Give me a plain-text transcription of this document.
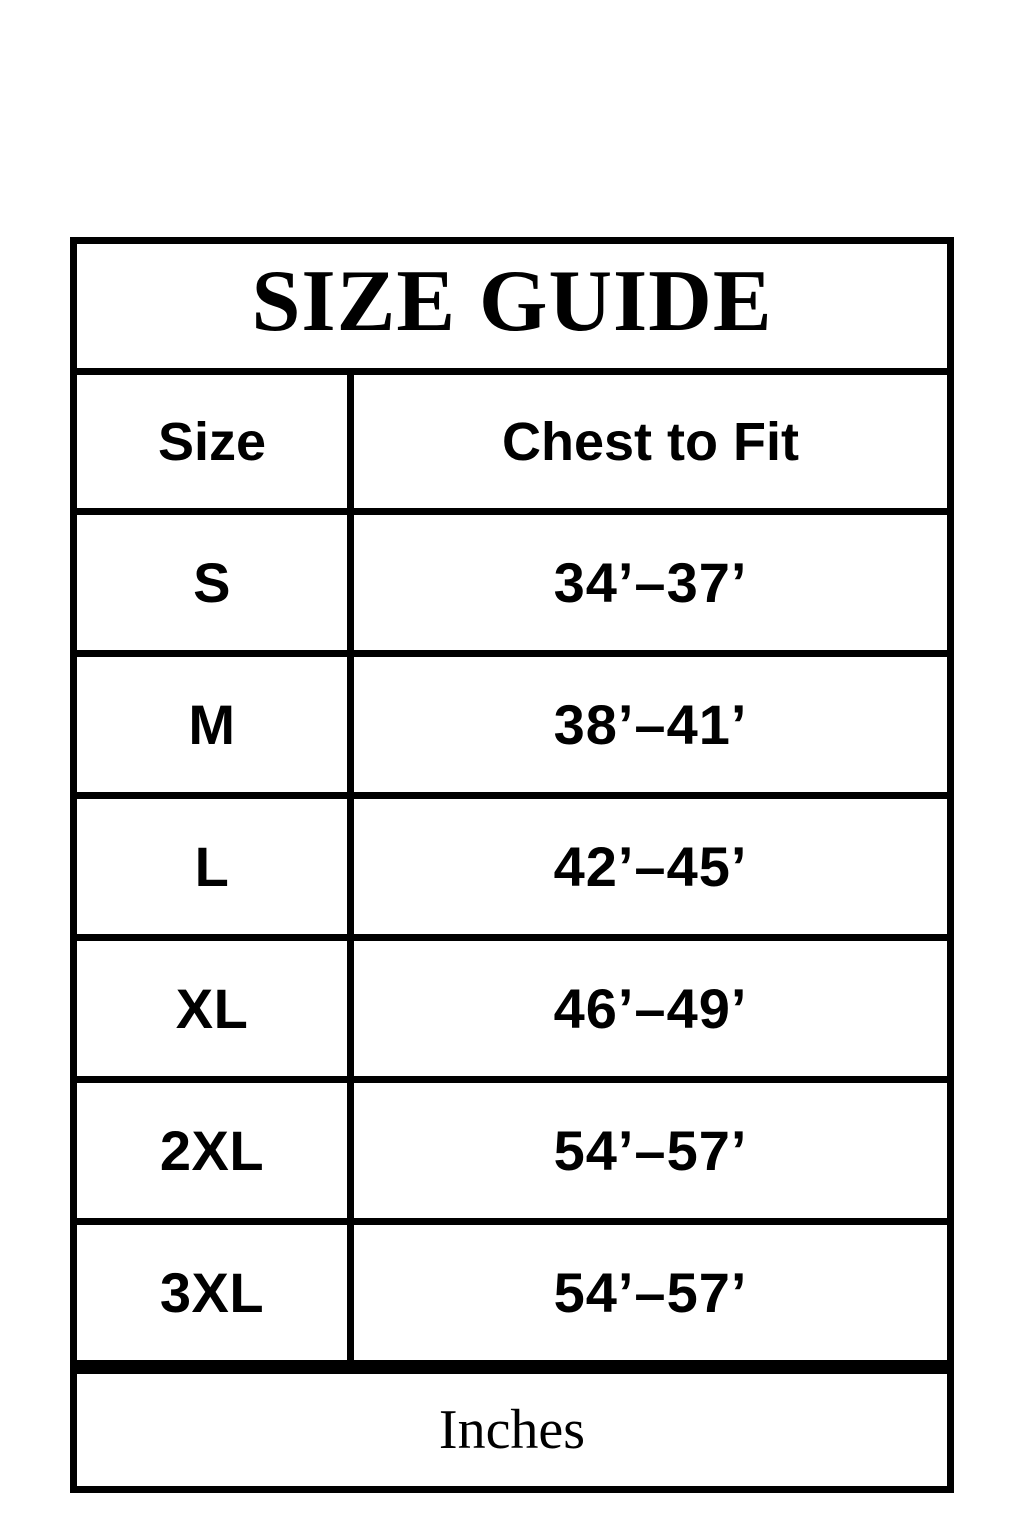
SIZE GUIDE
Size	Chest to Fit
S	34’–37’
M	38’–41’
L	42’–45’
XL	46’–49’
2XL	54’–57’
3XL	54’–57’
Inches
